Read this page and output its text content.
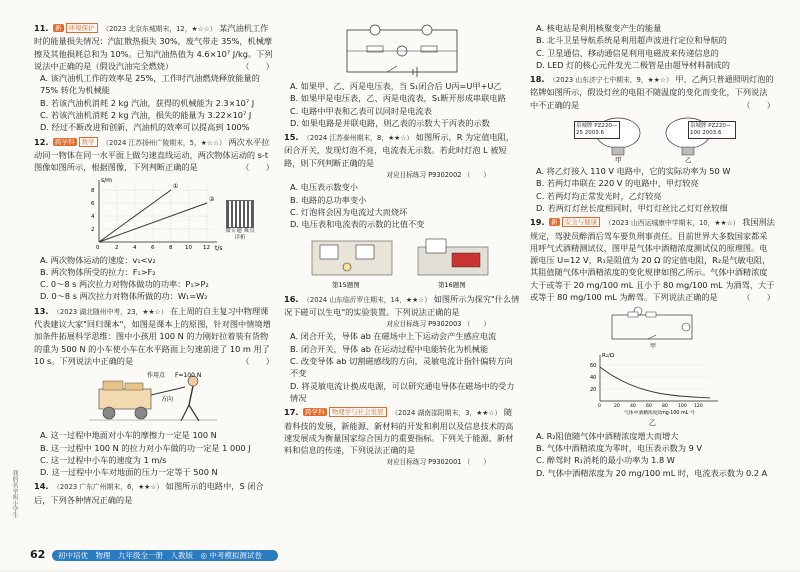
我的名字叫小学生
11. 新 环境保护 （2023 北京东城期末，12，★☆☆） 某汽油机工作时的能量损失情况：汽缸散热损失 30%，废气带走 35%，机械摩擦及其他损耗总和为 10%。已知汽油热值为 4.6×10⁷ J/kg。下列说法中正确的是（假设汽油完全燃烧）	（　　）
A. 该汽油机工作的效率是 25%，工作时汽油燃烧释放能量的 75% 转化为机械能
B. 若该汽油机消耗 2 kg 汽油，获得的机械能为 2.3×10⁷ J
C. 若该汽油机消耗 2 kg 汽油，损失的能量为 3.22×10⁷ J
D. 经过不断改进和创新，汽油机的效率可以提高到 100%
12. 跨学科 数学 （2024 江苏扬州广陵期末，5，★☆☆） 两次水平拉动同一物体在同一水平面上做匀速直线运动，两次物体运动的 s-t 图像如图所示，根据图像，下列判断正确的是	（　　）
①
②
s/m
t/s
2
4
6
8
0	2	4	6	8 10 12
A. 两次物体运动的速度：v₁<v₂
B. 两次物体所受的拉力：F₁>F₂
C. 0～8 s 两次拉力对物体做功的功率：P₁>P₂
D. 0～8 s 两次拉力对物体所做的功：W₁=W₂
13. （2023 湖北随州中考，23，★★☆） 在上周的自主复习中物理课代表建议大家"回归课本"，如图是课本上的原图，针对图中情境增加条件拓展科学思维：图中小孩用 100 N 的力刚好拉着装有货物的重为 500 N 的小车使小车在水平路面上匀速前进了 10 m 用了 10 s。下列说法中正确的是	（　　）
作用点 F=100 N
方向
A. 这一过程中地面对小车的摩擦力一定是 100 N
B. 这一过程中 100 N 的拉力对小车做的功一定是 1 000 J
C. 这一过程中小车的速度为 1 m/s
D. 这一过程中小车对地面的压力一定等于 500 N
14. （2023 广东广州期末，6，★★☆） 如图所示的电路中，S 闭合后，下列各种情况正确的是
微专题 难点详析
A. 如果甲、乙、丙是电压表，当 S₁闭合后 U丙=U甲+U乙
B. 如果甲是电压表，乙、丙是电流表，S₁断开形成串联电路
C. 电路中甲表和乙表可以同时是电流表
D. 如果电路是并联电路，则乙表的示数大于丙表的示数
15. （2024 江苏泰州期末，8，★★☆） 如图所示，R 为定值电阻，闭合开关，发现灯泡不亮，电流表无示数。若此时灯泡 L 被短路，则下列判断正确的是
对应目标练习 P9302002 （　　）
A. 电压表示数变小
B. 电路的总功率变小
C. 灯泡将会因为电流过大而烧坏
D. 电压表和电流表的示数的比值不变
第15题图	第16题图
16. （2024 山东临沂罗庄期末，14，★★☆） 如图所示为探究"什么情况下磁可以生电"的实验装置。下列说法正确的是
对应目标练习 P9302003 （　　）
A. 闭合开关，导体 ab 在磁场中上下运动会产生感应电流
B. 闭合开关，导体 ab 在运动过程中电能转化为机械能
C. 改变导体 ab 切割磁感线的方向，灵敏电流计指针偏转方向不变
D. 将灵敏电流计换成电源，可以研究通电导体在磁场中的受力情况
17. 跨学科 物理学与社会发展 （2024 湖南邵阳期末，3，★★☆） 随着科技的发展，新能源、新材料的开发和利用以及信息技术的高速发展成为衡量国家综合国力的重要指标。下列关于能源、新材料和信息的传递，下列说法正确的是
对应目标练习 P9302001 （　　）
A. 核电站是利用核聚变产生的能量
B. 北斗卫星导航系统是利用超声波进行定位和导航的
C. 卫星通信、移动通信是利用电磁波来传递信息的
D. LED 灯的核心元件发光二极管是由超导材料制成的
18. （2023 山东济宁七中期末，9，★★☆） 甲、乙两只普通照明灯泡的铭牌如图所示，假设灯丝的电阻不随温度的变化而变化，下列说法中不正确的是	（　　）
泉城牌 PZ220—25 2003.6
泉城牌 PZ220—100 2003.6
甲	乙
A. 将乙灯接入 110 V 电路中，它的实际功率为 50 W
B. 若两灯串联在 220 V 的电路中，甲灯较亮
C. 若两灯均正常发光时，乙灯较亮
D. 若两灯灯丝长度相同时，甲灯灯丝比乙灯灯丝较细
19. 新 安全与健康 （2023 山西运城康中学期末，10，★★☆） 我国刑法规定，驾驶员醉酒后驾车要负刑事责任。目前世界大多数国家都采用呼气式酒精测试仪，图甲是气体中酒精浓度测试仪的原理图。电源电压 U=12 V，R₁是阻值为 20 Ω 的定值电阻，R₂是气敏电阻，其阻值随气体中酒精浓度的变化规律如图乙所示。气体中酒精浓度大于或等于 20 mg/100 mL 且小于 80 mg/100 mL 为酒驾，大于或等于 80 mg/100 mL 为醉驾。下列说法正确的是	（　　）
甲
R₂/Ω
20
40
60
0	20 40 60 80 100 120
气体中酒精浓度/(mg·100 mL⁻¹)
乙
A. R₂阻值随气体中酒精浓度增大而增大
B. 气体中酒精浓度为零时，电压表示数为 9 V
C. 醉驾时 R₁消耗的最小功率为 1.8 W
D. 气体中酒精浓度为 20 mg/100 mL 时，电流表示数为 0.2 A
62	初中培优　物理　九年级全一册　人教版　◎ 中考模拟测试卷（二）
